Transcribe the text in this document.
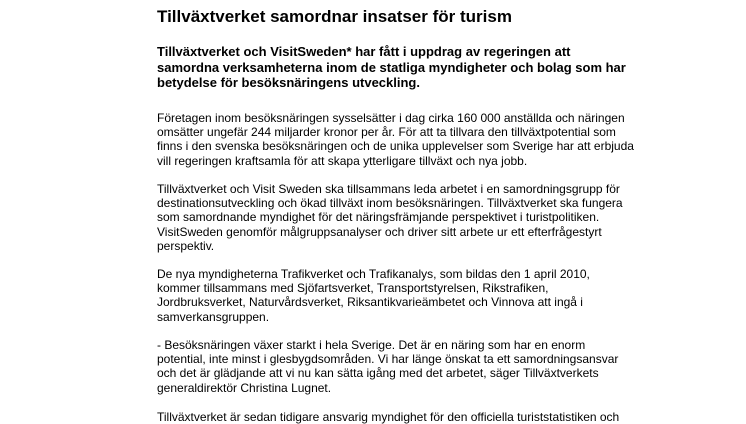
Tillväxtverket samordnar insatser för turism

Tillväxtverket och VisitSweden* har fått i uppdrag av regeringen att
samordna verksamheterna inom de statliga myndigheter och bolag som har
betydelse för besöksnäringens utveckling.

Företagen inom besöksnäringen sysselsätter i dag cirka 160 000 anställda och näringen
omsätter ungefär 244 miljarder kronor per år. För att ta tillvara den tillväxtpotential som
finns i den svenska besöksnäringen och de unika upplevelser som Sverige har att erbjuda
vill regeringen kraftsamla för att skapa ytterligare tillväxt och nya jobb.

Tillväxtverket och Visit Sweden ska tillsammans leda arbetet i en samordningsgrupp för
destinationsutveckling och ökad tillväxt inom besöksnäringen. Tillväxtverket ska fungera
som samordnande myndighet för det näringsfrämjande perspektivet i turistpolitiken.
VisitSweden genomför målgruppsanalyser och driver sitt arbete ur ett efterfrågestyrt
perspektiv.

De nya myndigheterna Trafikverket och Trafikanalys, som bildas den 1 april 2010,
kommer tillsammans med Sjöfartsverket, Transportstyrelsen, Rikstrafiken,
Jordbruksverket, Naturvårdsverket, Riksantikvarieämbetet och Vinnova att ingå i
samverkansgruppen.

- Besöksnäringen växer starkt i hela Sverige. Det är en näring som har en enorm
potential, inte minst i glesbygdsområden. Vi har länge önskat ta ett samordningsansvar
och det är glädjande att vi nu kan sätta igång med det arbetet, säger Tillväxtverkets
generaldirektör Christina Lugnet.

Tillväxtverket är sedan tidigare ansvarig myndighet för den officiella turiststatistiken och
